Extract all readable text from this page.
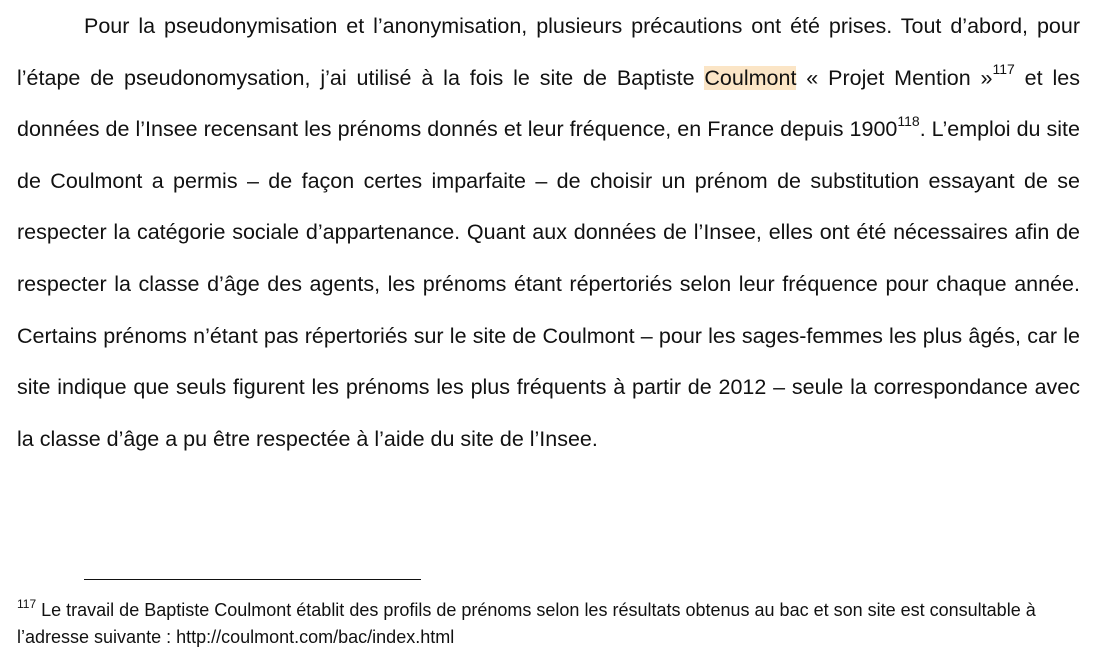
Pour la pseudonymisation et l’anonymisation, plusieurs précautions ont été prises. Tout d’abord, pour l’étape de pseudonomysation, j’ai utilisé à la fois le site de Baptiste Coulmont « Projet Mention »$^{117}$ et les données de l’Insee recensant les prénoms donnés et leur fréquence, en France depuis 1900$^{118}$. L’emploi du site de Coulmont a permis – de façon certes imparfaite – de choisir un prénom de substitution essayant de se respecter la catégorie sociale d’appartenance. Quant aux données de l’Insee, elles ont été nécessaires afin de respecter la classe d’âge des agents, les prénoms étant répertoriés selon leur fréquence pour chaque année. Certains prénoms n’étant pas répertoriés sur le site de Coulmont – pour les sages-femmes les plus âgés, car le site indique que seuls figurent les prénoms les plus fréquents à partir de 2012 – seule la correspondance avec la classe d’âge a pu être respectée à l’aide du site de l’Insee.

$^{117}$ Le travail de Baptiste Coulmont établit des profils de prénoms selon les résultats obtenus au bac et son site est consultable à l’adresse suivante : http://coulmont.com/bac/index.html
